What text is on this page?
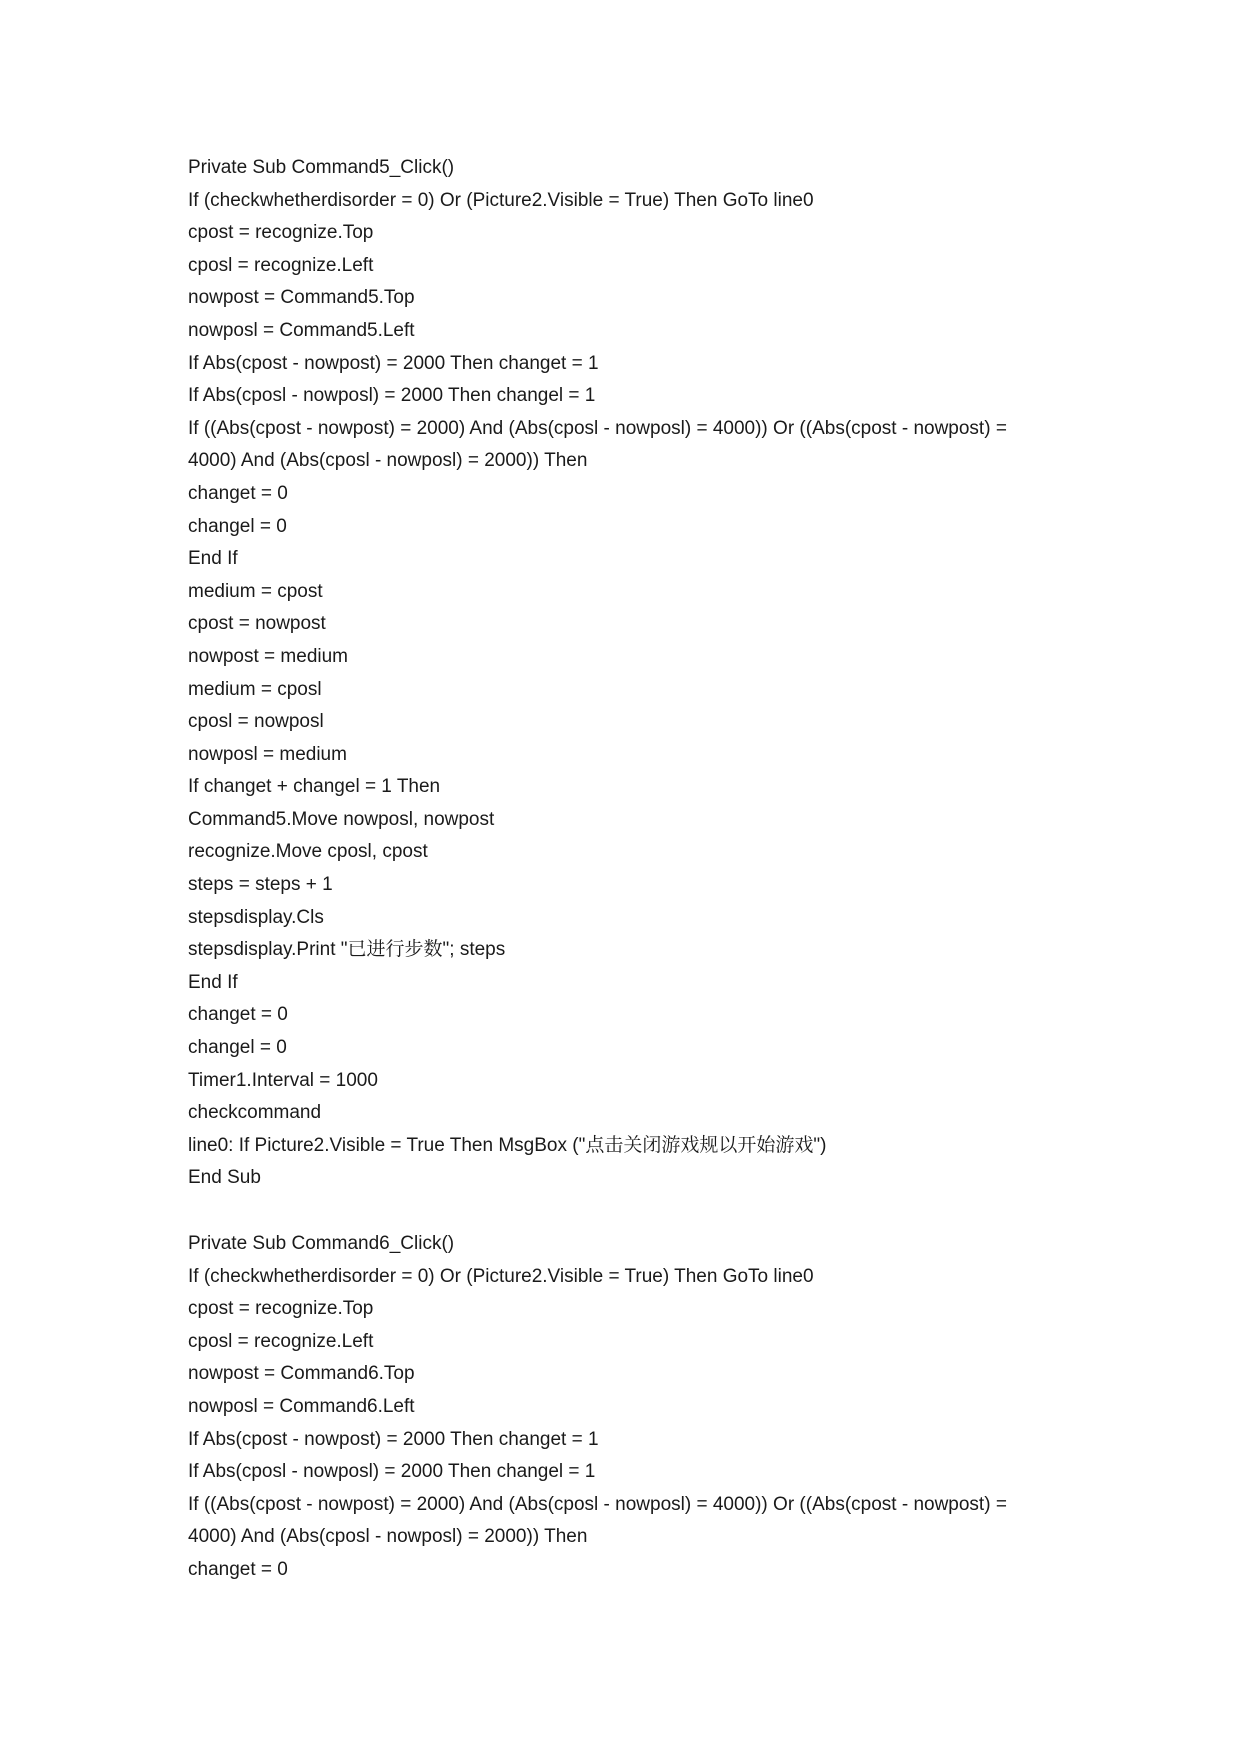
Private Sub Command5_Click()
If (checkwhetherdisorder = 0) Or (Picture2.Visible = True) Then GoTo line0
cpost = recognize.Top
cposl = recognize.Left
nowpost = Command5.Top
nowposl = Command5.Left
If Abs(cpost - nowpost) = 2000 Then changet = 1
If Abs(cposl - nowposl) = 2000 Then changel = 1
If ((Abs(cpost - nowpost) = 2000) And (Abs(cposl - nowposl) = 4000)) Or ((Abs(cpost - nowpost) =
4000) And (Abs(cposl - nowposl) = 2000)) Then
changet = 0
changel = 0
End If
medium = cpost
cpost = nowpost
nowpost = medium
medium = cposl
cposl = nowposl
nowposl = medium
If changet + changel = 1 Then
Command5.Move nowposl, nowpost
recognize.Move cposl, cpost
steps = steps + 1
stepsdisplay.Cls
stepsdisplay.Print "已进行步数"; steps
End If
changet = 0
changel = 0
Timer1.Interval = 1000
checkcommand
line0: If Picture2.Visible = True Then MsgBox ("点击关闭游戏规以开始游戏")
End Sub
Private Sub Command6_Click()
If (checkwhetherdisorder = 0) Or (Picture2.Visible = True) Then GoTo line0
cpost = recognize.Top
cposl = recognize.Left
nowpost = Command6.Top
nowposl = Command6.Left
If Abs(cpost - nowpost) = 2000 Then changet = 1
If Abs(cposl - nowposl) = 2000 Then changel = 1
If ((Abs(cpost - nowpost) = 2000) And (Abs(cposl - nowposl) = 4000)) Or ((Abs(cpost - nowpost) =
4000) And (Abs(cposl - nowposl) = 2000)) Then
changet = 0
